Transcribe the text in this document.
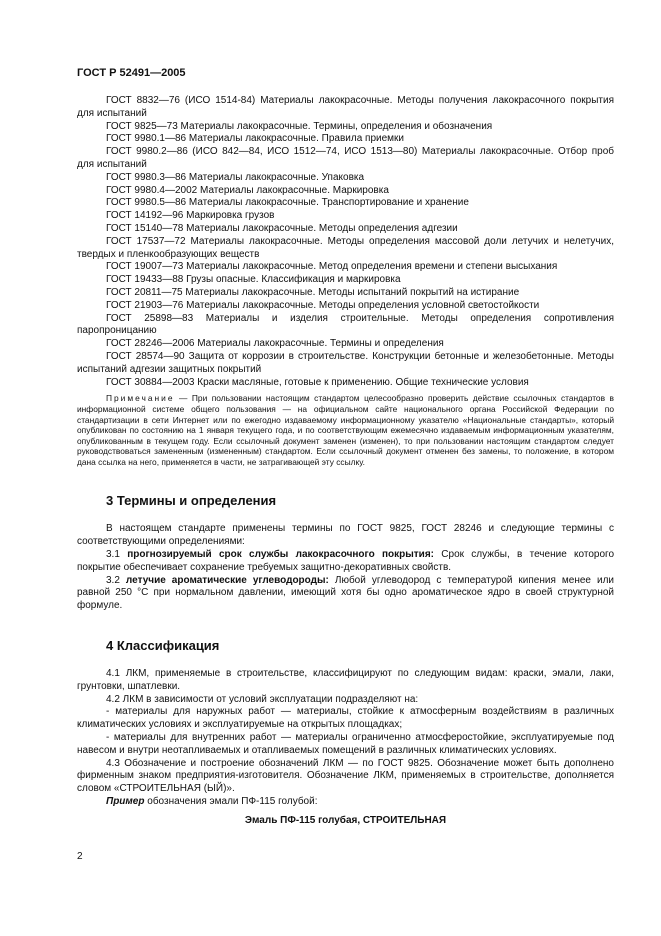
ГОСТ Р 52491—2005

ГОСТ 8832—76 (ИСО 1514-84) Материалы лакокрасочные. Методы получения лакокрасочного покрытия для испытаний

ГОСТ 9825—73 Материалы лакокрасочные. Термины, определения и обозначения

ГОСТ 9980.1—86 Материалы лакокрасочные. Правила приемки

ГОСТ 9980.2—86 (ИСО 842—84, ИСО 1512—74, ИСО 1513—80) Материалы лакокрасочные. Отбор проб для испытаний

ГОСТ 9980.3—86 Материалы лакокрасочные. Упаковка

ГОСТ 9980.4—2002 Материалы лакокрасочные. Маркировка

ГОСТ 9980.5—86 Материалы лакокрасочные. Транспортирование и хранение

ГОСТ 14192—96 Маркировка грузов

ГОСТ 15140—78 Материалы лакокрасочные. Методы определения адгезии

ГОСТ 17537—72 Материалы лакокрасочные. Методы определения массовой доли летучих и нелетучих, твердых и пленкообразующих веществ

ГОСТ 19007—73 Материалы лакокрасочные. Метод определения времени и степени высыхания

ГОСТ 19433—88 Грузы опасные. Классификация и маркировка

ГОСТ 20811—75 Материалы лакокрасочные. Методы испытаний покрытий на истирание

ГОСТ 21903—76 Материалы лакокрасочные. Методы определения условной светостойкости

ГОСТ 25898—83 Материалы и изделия строительные. Методы определения сопротивления паропроницанию

ГОСТ 28246—2006 Материалы лакокрасочные. Термины и определения

ГОСТ 28574—90 Защита от коррозии в строительстве. Конструкции бетонные и железобетонные. Методы испытаний адгезии защитных покрытий

ГОСТ 30884—2003 Краски масляные, готовые к применению. Общие технические условия

Примечание — При пользовании настоящим стандартом целесообразно проверить действие ссылочных стандартов в информационной системе общего пользования — на официальном сайте национального органа Российской Федерации по стандартизации в сети Интернет или по ежегодно издаваемому информационному указателю «Национальные стандарты», который опубликован по состоянию на 1 января текущего года, и по соответствующим ежемесячно издаваемым информационным указателям, опубликованным в текущем году. Если ссылочный документ заменен (изменен), то при пользовании настоящим стандартом следует руководствоваться замененным (измененным) стандартом. Если ссылочный документ отменен без замены, то положение, в котором дана ссылка на него, применяется в части, не затрагивающей эту ссылку.

3 Термины и определения

В настоящем стандарте применены термины по ГОСТ 9825, ГОСТ 28246 и следующие термины с соответствующими определениями:

3.1 прогнозируемый срок службы лакокрасочного покрытия: Срок службы, в течение которого покрытие обеспечивает сохранение требуемых защитно-декоративных свойств.

3.2 летучие ароматические углеводороды: Любой углеводород с температурой кипения менее или равной 250 °C при нормальном давлении, имеющий хотя бы одно ароматическое ядро в своей структурной формуле.

4 Классификация

4.1 ЛКМ, применяемые в строительстве, классифицируют по следующим видам: краски, эмали, лаки, грунтовки, шпатлевки.

4.2 ЛКМ в зависимости от условий эксплуатации подразделяют на:

- материалы для наружных работ — материалы, стойкие к атмосферным воздействиям в различных климатических условиях и эксплуатируемые на открытых площадках;

- материалы для внутренних работ — материалы ограниченно атмосферостойкие, эксплуатируемые под навесом и внутри неотапливаемых и отапливаемых помещений в различных климатических условиях.

4.3 Обозначение и построение обозначений ЛКМ — по ГОСТ 9825. Обозначение может быть дополнено фирменным знаком предприятия-изготовителя. Обозначение ЛКМ, применяемых в строительстве, дополняется словом «СТРОИТЕЛЬНАЯ (ЫЙ)».

Пример обозначения эмали ПФ-115 голубой:

Эмаль ПФ-115 голубая, СТРОИТЕЛЬНАЯ

2
